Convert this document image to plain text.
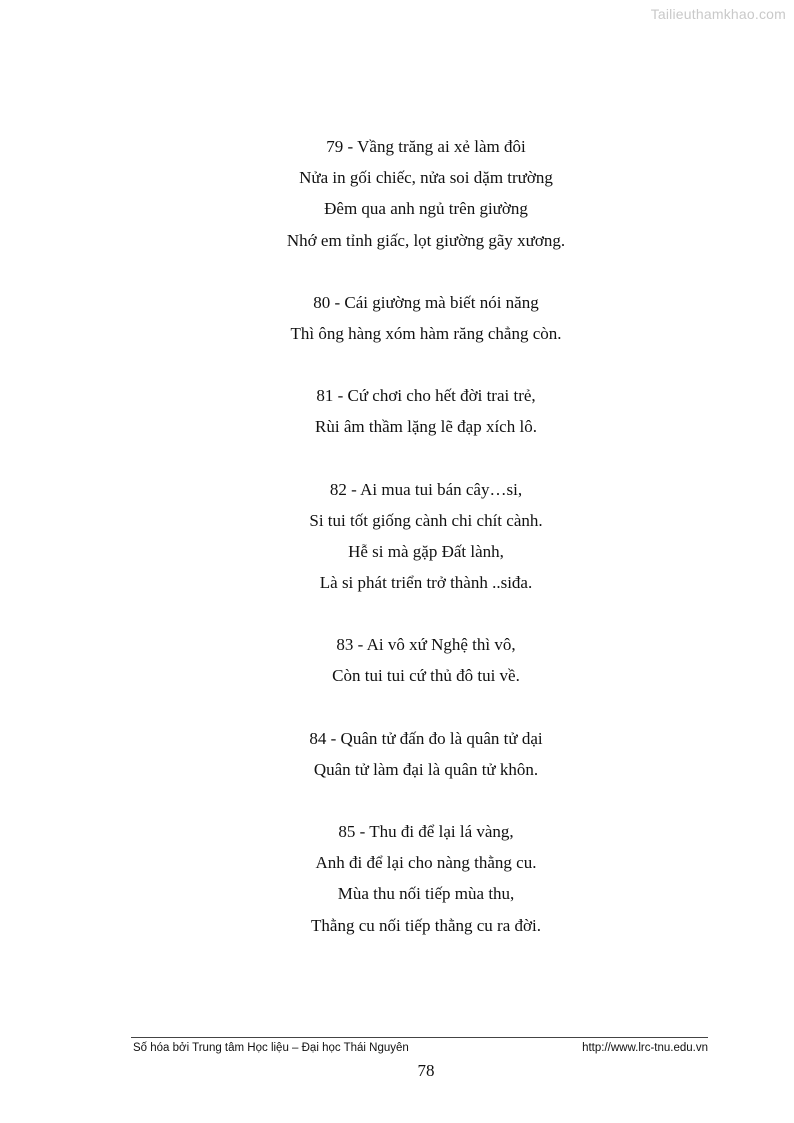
Tailieuthamkhao.com
79 - Vầng trăng ai xẻ làm đôi
Nửa in gối chiếc, nửa soi dặm trường
Đêm qua anh ngủ trên giường
Nhớ em tỉnh giấc, lọt giường gãy xương.
80 - Cái giường mà biết nói năng
Thì ông hàng xóm hàm răng chẳng còn.
81 - Cứ chơi cho hết đời trai trẻ,
Rùi âm thầm lặng lẽ đạp xích lô.
82 - Ai mua tui bán cây…si,
Si tui tốt giống cành chi chít cành.
Hễ si mà gặp Đất lành,
Là si phát triển trở thành ..siđa.
83 - Ai vô xứ Nghệ thì vô,
Còn tui tui cứ thủ đô tui về.
84 - Quân tử đấn đo là quân tử dại
Quân tử làm đại là quân tử khôn.
85 - Thu đi để lại lá vàng,
Anh đi để lại cho nàng thằng cu.
Mùa thu nối tiếp mùa thu,
Thằng cu nối tiếp thằng cu ra đời.
Số hóa bởi Trung tâm Học liệu – Đại học Thái Nguyên	http://www.lrc-tnu.edu.vn
78
